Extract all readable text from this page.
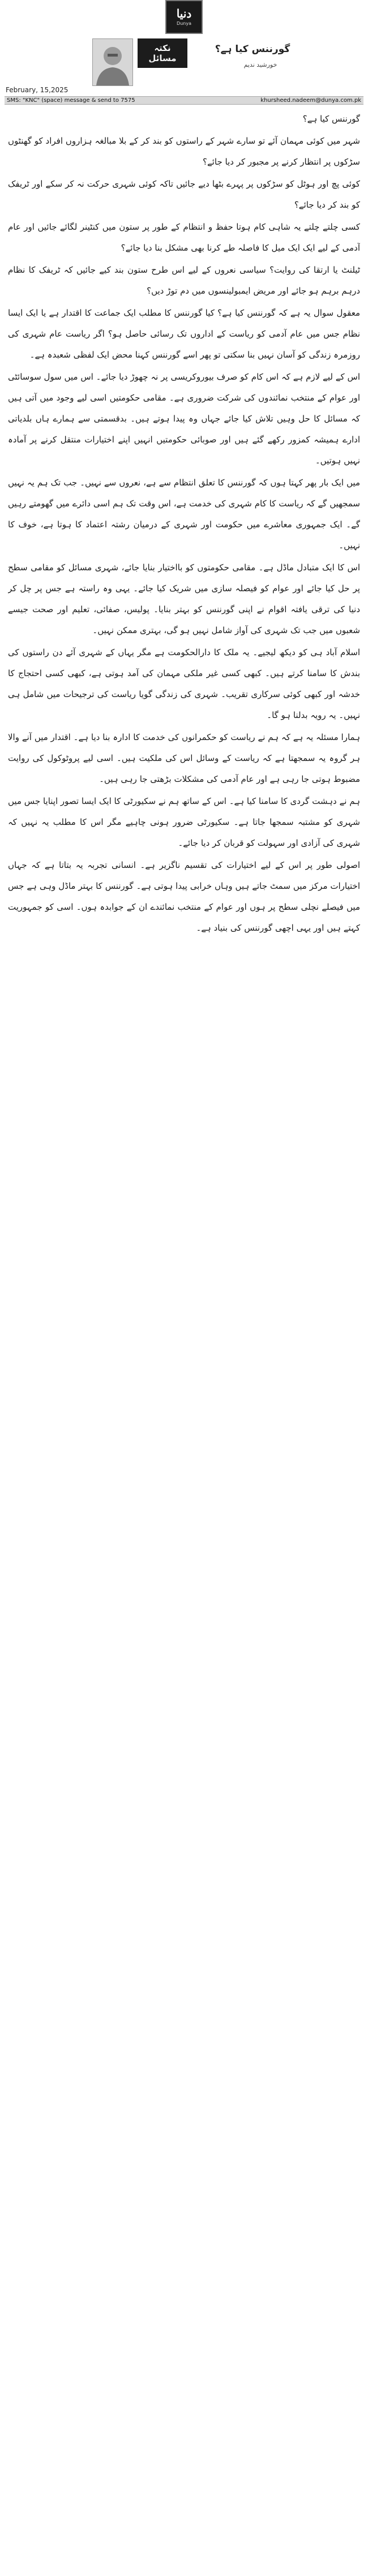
دنیا
Dunya
نکتہ
مسائل
گورننس کیا ہے؟
خورشید ندیم
February, 15,2025
SMS: "KNC" (space) message & send to 7575	khursheed.nadeem@dunya.com.pk

گورننس کیا ہے؟

شہر میں کوئی مہمان آئے تو سارے شہر کے راستوں کو بند کر کے بلا مبالغہ ہزاروں افراد کو گھنٹوں سڑکوں پر انتظار کرنے پر مجبور کر دیا جائے؟

کوئی پچ اور ہوٹل کو سڑکوں پر پہرے بٹھا دیے جائیں تاکہ کوئی شہری حرکت نہ کر سکے اور ٹریفک کو بند کر دیا جائے؟

کسی چلتے چلتے یہ شاہی کام ہوتا حفظ و انتظام کے طور پر ستون میں کنٹینر لگائے جائیں اور عام آدمی کے لیے ایک ایک میل کا فاصلہ طے کرنا بھی مشکل بنا دیا جائے؟

ٹیلنٹ یا ارتقا کی روایت؟ سیاسی نعروں کے لیے اس طرح ستون بند کیے جائیں کہ ٹریفک کا نظام درہم برہم ہو جائے اور مریض ایمبولینسوں میں دم توڑ دیں؟

معقول سوال یہ ہے کہ گورننس کیا ہے؟ کیا گورننس کا مطلب ایک جماعت کا اقتدار ہے یا ایک ایسا نظام جس میں عام آدمی کو ریاست کے اداروں تک رسائی حاصل ہو؟ اگر ریاست عام شہری کی روزمرہ زندگی کو آسان نہیں بنا سکتی تو پھر اسے گورننس کہنا محض ایک لفظی شعبدہ ہے۔

اس کے لیے لازم ہے کہ اس کام کو صرف بیوروکریسی پر نہ چھوڑ دیا جائے۔ اس میں سول سوسائٹی اور عوام کے منتخب نمائندوں کی شرکت ضروری ہے۔ مقامی حکومتیں اسی لیے وجود میں آتی ہیں کہ مسائل کا حل وہیں تلاش کیا جائے جہاں وہ پیدا ہوتے ہیں۔ بدقسمتی سے ہمارے ہاں بلدیاتی ادارے ہمیشہ کمزور رکھے گئے ہیں اور صوبائی حکومتیں انہیں اپنے اختیارات منتقل کرنے پر آمادہ نہیں ہوتیں۔

میں ایک بار پھر کہتا ہوں کہ گورننس کا تعلق انتظام سے ہے، نعروں سے نہیں۔ جب تک ہم یہ نہیں سمجھیں گے کہ ریاست کا کام شہری کی خدمت ہے، اس وقت تک ہم اسی دائرے میں گھومتے رہیں گے۔ ایک جمہوری معاشرے میں حکومت اور شہری کے درمیان رشتہ اعتماد کا ہوتا ہے، خوف کا نہیں۔

اس کا ایک متبادل ماڈل ہے۔ مقامی حکومتوں کو بااختیار بنایا جائے، شہری مسائل کو مقامی سطح پر حل کیا جائے اور عوام کو فیصلہ سازی میں شریک کیا جائے۔ یہی وہ راستہ ہے جس پر چل کر دنیا کی ترقی یافتہ اقوام نے اپنی گورننس کو بہتر بنایا۔ پولیس، صفائی، تعلیم اور صحت جیسے شعبوں میں جب تک شہری کی آواز شامل نہیں ہو گی، بہتری ممکن نہیں۔

اسلام آباد ہی کو دیکھ لیجیے۔ یہ ملک کا دارالحکومت ہے مگر یہاں کے شہری آئے دن راستوں کی بندش کا سامنا کرتے ہیں۔ کبھی کسی غیر ملکی مہمان کی آمد ہوتی ہے، کبھی کسی احتجاج کا خدشہ اور کبھی کوئی سرکاری تقریب۔ شہری کی زندگی گویا ریاست کی ترجیحات میں شامل ہی نہیں۔ یہ رویہ بدلنا ہو گا۔

ہمارا مسئلہ یہ ہے کہ ہم نے ریاست کو حکمرانوں کی خدمت کا ادارہ بنا دیا ہے۔ اقتدار میں آنے والا ہر گروہ یہ سمجھتا ہے کہ ریاست کے وسائل اس کی ملکیت ہیں۔ اسی لیے پروٹوکول کی روایت مضبوط ہوتی جا رہی ہے اور عام آدمی کی مشکلات بڑھتی جا رہی ہیں۔

ہم نے دہشت گردی کا سامنا کیا ہے۔ اس کے ساتھ ہم نے سکیورٹی کا ایک ایسا تصور اپنایا جس میں شہری کو مشتبہ سمجھا جاتا ہے۔ سکیورٹی ضرور ہونی چاہیے مگر اس کا مطلب یہ نہیں کہ شہری کی آزادی اور سہولت کو قربان کر دیا جائے۔

اصولی طور پر اس کے لیے اختیارات کی تقسیم ناگزیر ہے۔ انسانی تجربہ یہ بتاتا ہے کہ جہاں اختیارات مرکز میں سمٹ جاتے ہیں وہاں خرابی پیدا ہوتی ہے۔ گورننس کا بہتر ماڈل وہی ہے جس میں فیصلے نچلی سطح پر ہوں اور عوام کے منتخب نمائندے ان کے جوابدہ ہوں۔ اسی کو جمہوریت کہتے ہیں اور یہی اچھی گورننس کی بنیاد ہے۔
